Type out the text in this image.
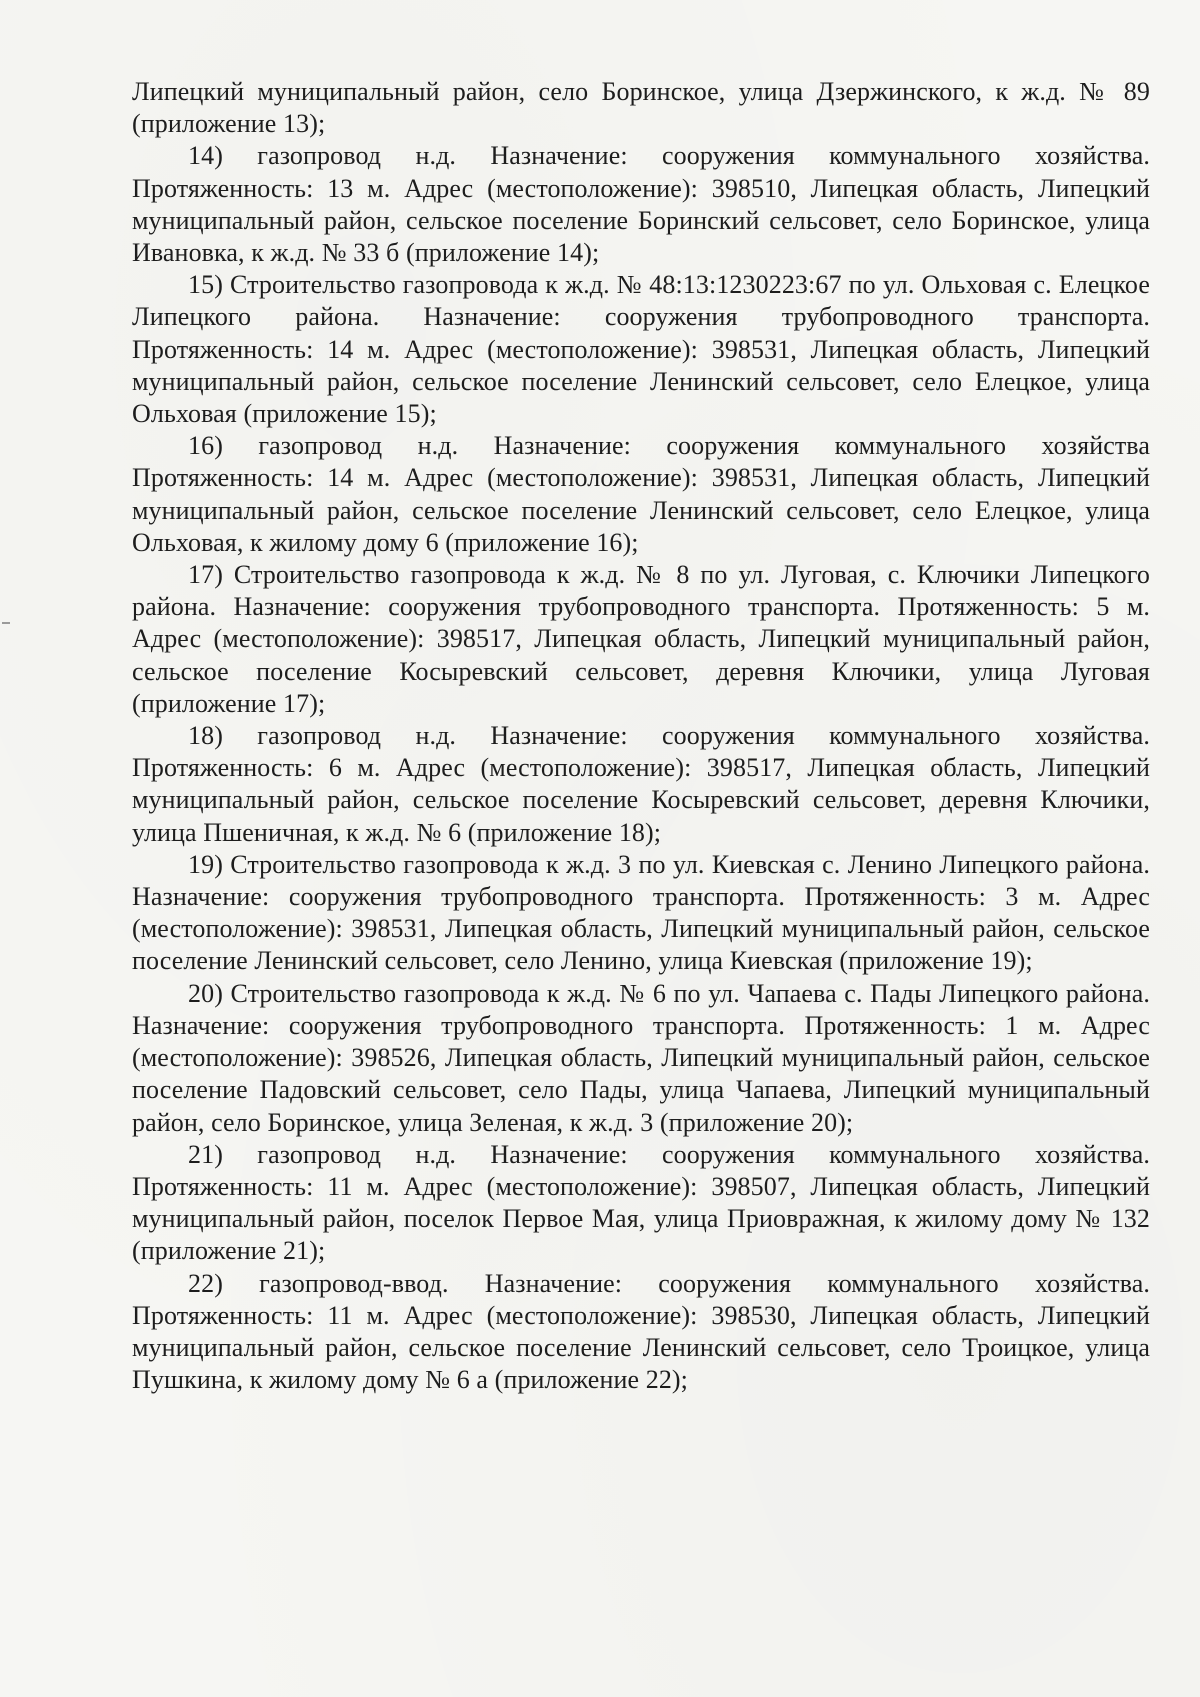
Липецкий муниципальный район, село Боринское, улица Дзержинского, к ж.д. № 89 (приложение 13);

14) газопровод н.д. Назначение: сооружения коммунального хозяйства. Протяженность: 13 м. Адрес (местоположение): 398510, Липецкая область, Липецкий муниципальный район, сельское поселение Боринский сельсовет, село Боринское, улица Ивановка, к ж.д. № 33 б (приложение 14);

15) Строительство газопровода к ж.д. № 48:13:1230223:67 по ул. Ольховая с. Елецкое Липецкого района. Назначение: сооружения трубопроводного транспорта. Протяженность: 14 м. Адрес (местоположение): 398531, Липецкая область, Липецкий муниципальный район, сельское поселение Ленинский сельсовет, село Елецкое, улица Ольховая (приложение 15);

16) газопровод н.д. Назначение: сооружения коммунального хозяйства Протяженность: 14 м. Адрес (местоположение): 398531, Липецкая область, Липецкий муниципальный район, сельское поселение Ленинский сельсовет, село Елецкое, улица Ольховая, к жилому дому 6 (приложение 16);

17) Строительство газопровода к ж.д. № 8 по ул. Луговая, с. Ключики Липецкого района. Назначение: сооружения трубопроводного транспорта. Протяженность: 5 м. Адрес (местоположение): 398517, Липецкая область, Липецкий муниципальный район, сельское поселение Косыревский сельсовет, деревня Ключики, улица Луговая (приложение 17);

18) газопровод н.д. Назначение: сооружения коммунального хозяйства. Протяженность: 6 м. Адрес (местоположение): 398517, Липецкая область, Липецкий муниципальный район, сельское поселение Косыревский сельсовет, деревня Ключики, улица Пшеничная, к ж.д. № 6 (приложение 18);

19) Строительство газопровода к ж.д. 3 по ул. Киевская с. Ленино Липецкого района. Назначение: сооружения трубопроводного транспорта. Протяженность: 3 м. Адрес (местоположение): 398531, Липецкая область, Липецкий муниципальный район, сельское поселение Ленинский сельсовет, село Ленино, улица Киевская (приложение 19);

20) Строительство газопровода к ж.д. № 6 по ул. Чапаева с. Пады Липецкого района. Назначение: сооружения трубопроводного транспорта. Протяженность: 1 м. Адрес (местоположение): 398526, Липецкая область, Липецкий муниципальный район, сельское поселение Падовский сельсовет, село Пады, улица Чапаева, Липецкий муниципальный район, село Боринское, улица Зеленая, к ж.д. 3 (приложение 20);

21) газопровод н.д. Назначение: сооружения коммунального хозяйства. Протяженность: 11 м. Адрес (местоположение): 398507, Липецкая область, Липецкий муниципальный район, поселок Первое Мая, улица Приовражная, к жилому дому № 132 (приложение 21);

22) газопровод-ввод. Назначение: сооружения коммунального хозяйства. Протяженность: 11 м. Адрес (местоположение): 398530, Липецкая область, Липецкий муниципальный район, сельское поселение Ленинский сельсовет, село Троицкое, улица Пушкина, к жилому дому № 6 а (приложение 22);
